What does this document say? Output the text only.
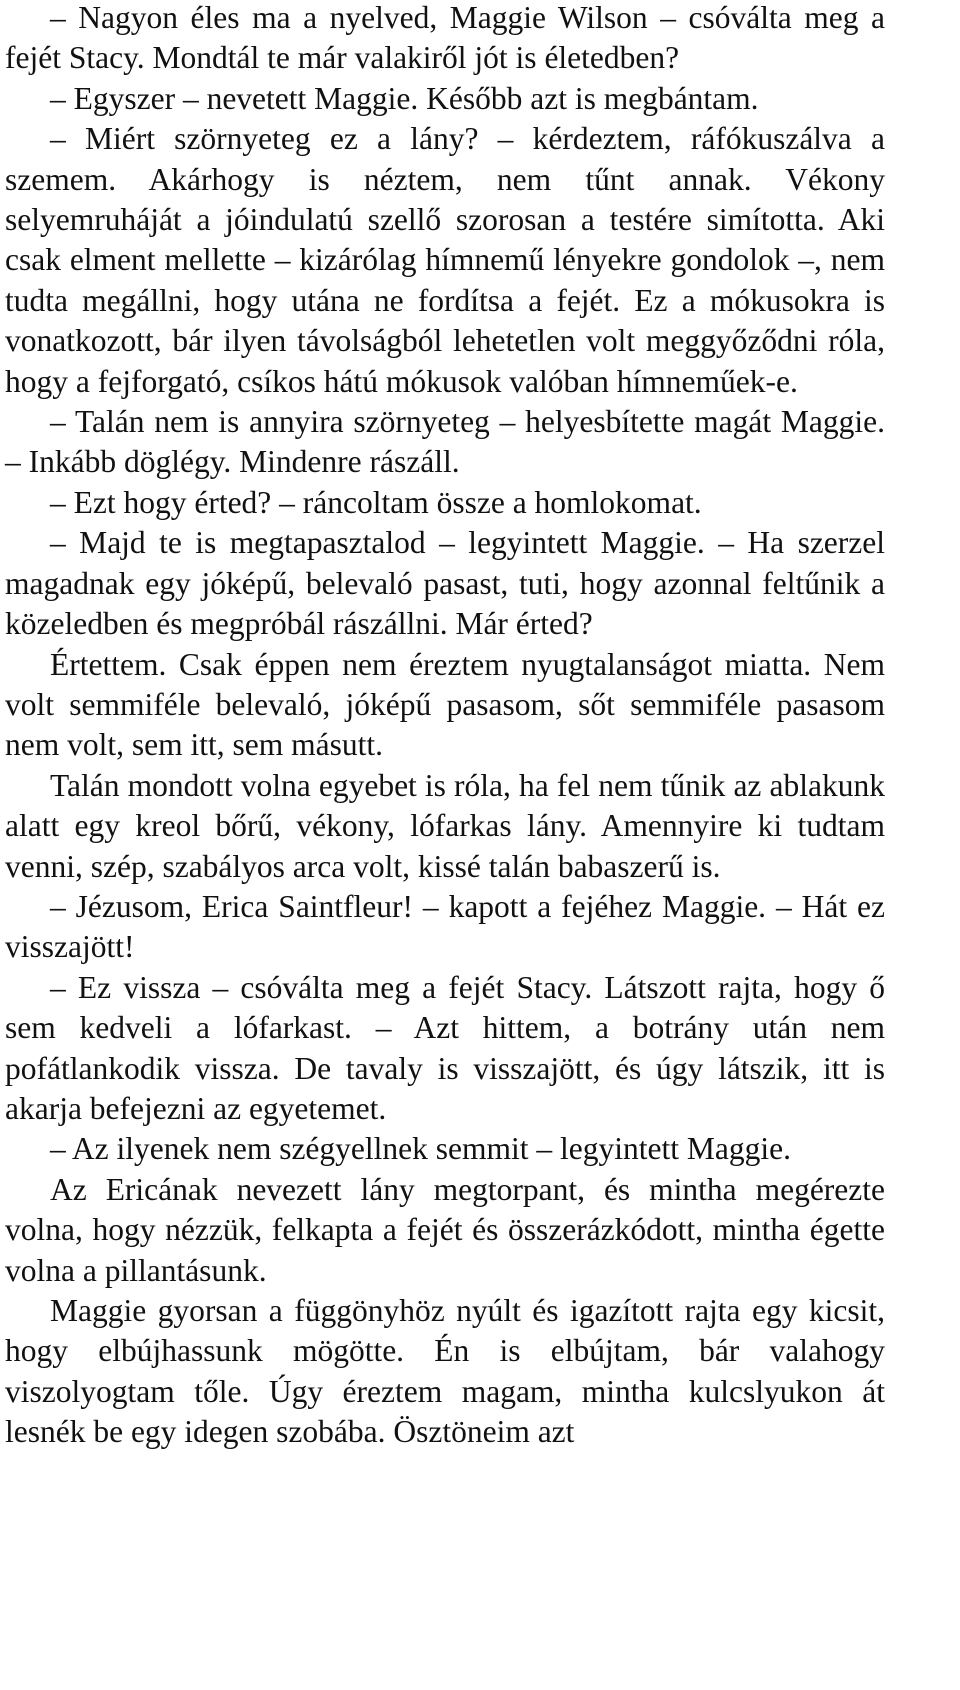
– Nagyon éles ma a nyelved, Maggie Wilson – csóválta meg a fejét Stacy. Mondtál te már valakiről jót is életedben?

– Egyszer – nevetett Maggie. Később azt is megbántam.

– Miért szörnyeteg ez a lány? – kérdeztem, ráfókuszálva a szemem. Akárhogy is néztem, nem tűnt annak. Vékony selyemruháját a jóindulatú szellő szorosan a testére simította. Aki csak elment mellette – kizárólag hímnemű lényekre gondolok –, nem tudta megállni, hogy utána ne fordítsa a fejét. Ez a mókusokra is vonatkozott, bár ilyen távolságból lehetetlen volt meggyőződni róla, hogy a fejforgató, csíkos hátú mókusok valóban hímneműek-e.

– Talán nem is annyira szörnyeteg – helyesbítette magát Maggie. – Inkább döglégy. Mindenre rászáll.

– Ezt hogy érted? – ráncoltam össze a homlokomat.

– Majd te is megtapasztalod – legyintett Maggie. – Ha szerzel magadnak egy jóképű, belevaló pasast, tuti, hogy azonnal feltűnik a közeledben és megpróbál rászállni. Már érted?

Értettem. Csak éppen nem éreztem nyugtalanságot miatta. Nem volt semmiféle belevaló, jóképű pasasom, sőt semmiféle pasasom nem volt, sem itt, sem másutt.

Talán mondott volna egyebet is róla, ha fel nem tűnik az ablakunk alatt egy kreol bőrű, vékony, lófarkas lány. Amennyire ki tudtam venni, szép, szabályos arca volt, kissé talán babaszerű is.

– Jézusom, Erica Saintfleur! – kapott a fejéhez Maggie. – Hát ez visszajött!

– Ez vissza – csóválta meg a fejét Stacy. Látszott rajta, hogy ő sem kedveli a lófarkast. – Azt hittem, a botrány után nem pofátlankodik vissza. De tavaly is visszajött, és úgy látszik, itt is akarja befejezni az egyetemet.

– Az ilyenek nem szégyellnek semmit – legyintett Maggie.

Az Ericának nevezett lány megtorpant, és mintha megérezte volna, hogy nézzük, felkapta a fejét és összerázkódott, mintha égette volna a pillantásunk.

Maggie gyorsan a függönyhöz nyúlt és igazított rajta egy kicsit, hogy elbújhassunk mögötte. Én is elbújtam, bár valahogy viszolyogtam tőle. Úgy éreztem magam, mintha kulcslyukon át lesnék be egy idegen szobába. Ösztöneim azt
